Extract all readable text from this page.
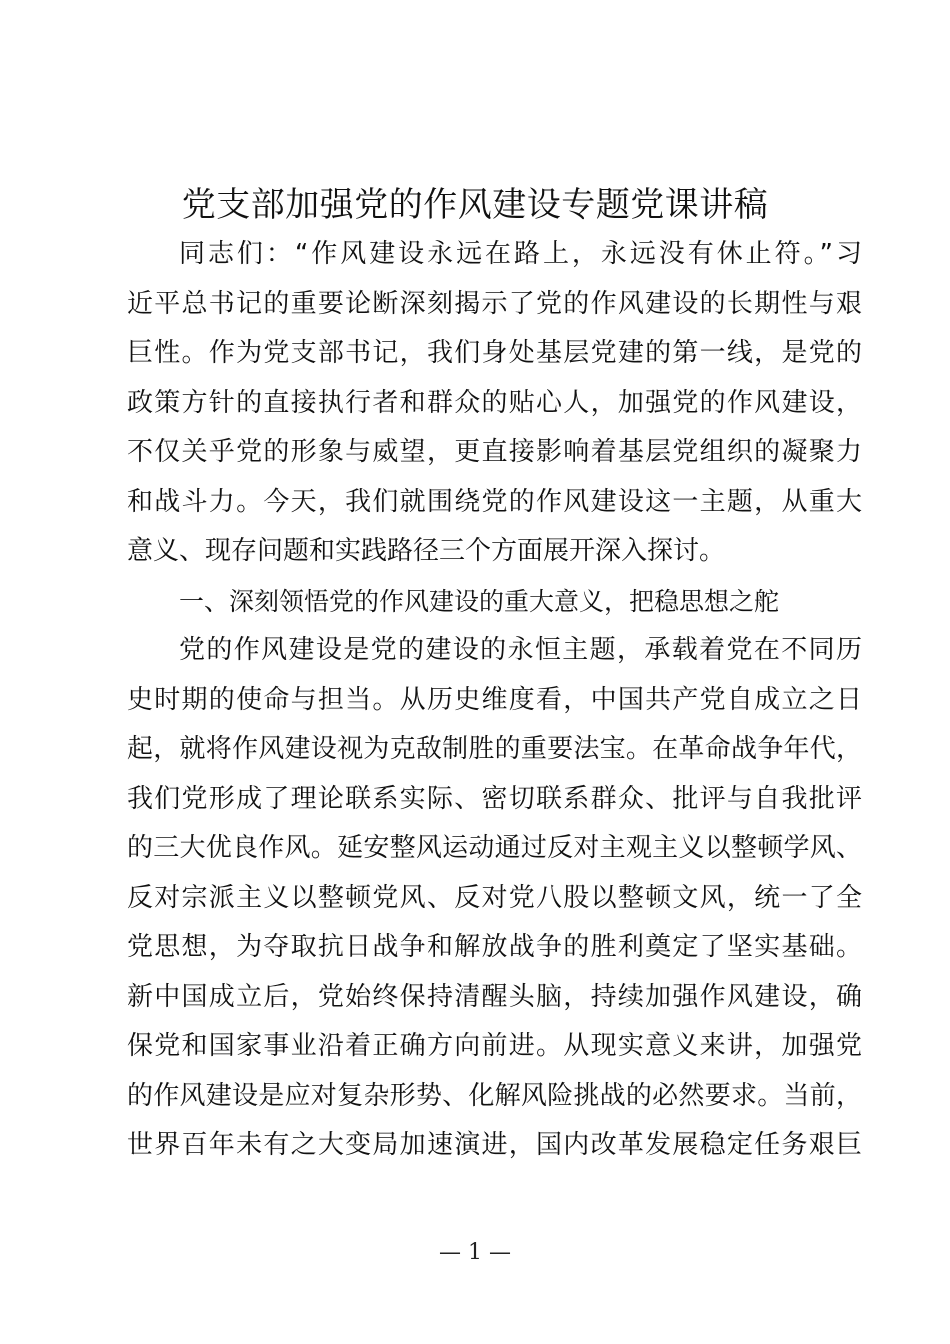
党支部加强党的作风建设专题党课讲稿
同志们：“作风建设永远在路上，永远没有休止符。”习
近平总书记的重要论断深刻揭示了党的作风建设的长期性与艰
巨性。作为党支部书记，我们身处基层党建的第一线，是党的
政策方针的直接执行者和群众的贴心人，加强党的作风建设，
不仅关乎党的形象与威望，更直接影响着基层党组织的凝聚力
和战斗力。今天，我们就围绕党的作风建设这一主题，从重大
意义、现存问题和实践路径三个方面展开深入探讨。
一、深刻领悟党的作风建设的重大意义，把稳思想之舵
党的作风建设是党的建设的永恒主题，承载着党在不同历
史时期的使命与担当。从历史维度看，中国共产党自成立之日
起，就将作风建设视为克敌制胜的重要法宝。在革命战争年代，
我们党形成了理论联系实际、密切联系群众、批评与自我批评
的三大优良作风。延安整风运动通过反对主观主义以整顿学风、
反对宗派主义以整顿党风、反对党八股以整顿文风，统一了全
党思想，为夺取抗日战争和解放战争的胜利奠定了坚实基础。
新中国成立后，党始终保持清醒头脑，持续加强作风建设，确
保党和国家事业沿着正确方向前进。从现实意义来讲，加强党
的作风建设是应对复杂形势、化解风险挑战的必然要求。当前，
世界百年未有之大变局加速演进，国内改革发展稳定任务艰巨
— 1 —
